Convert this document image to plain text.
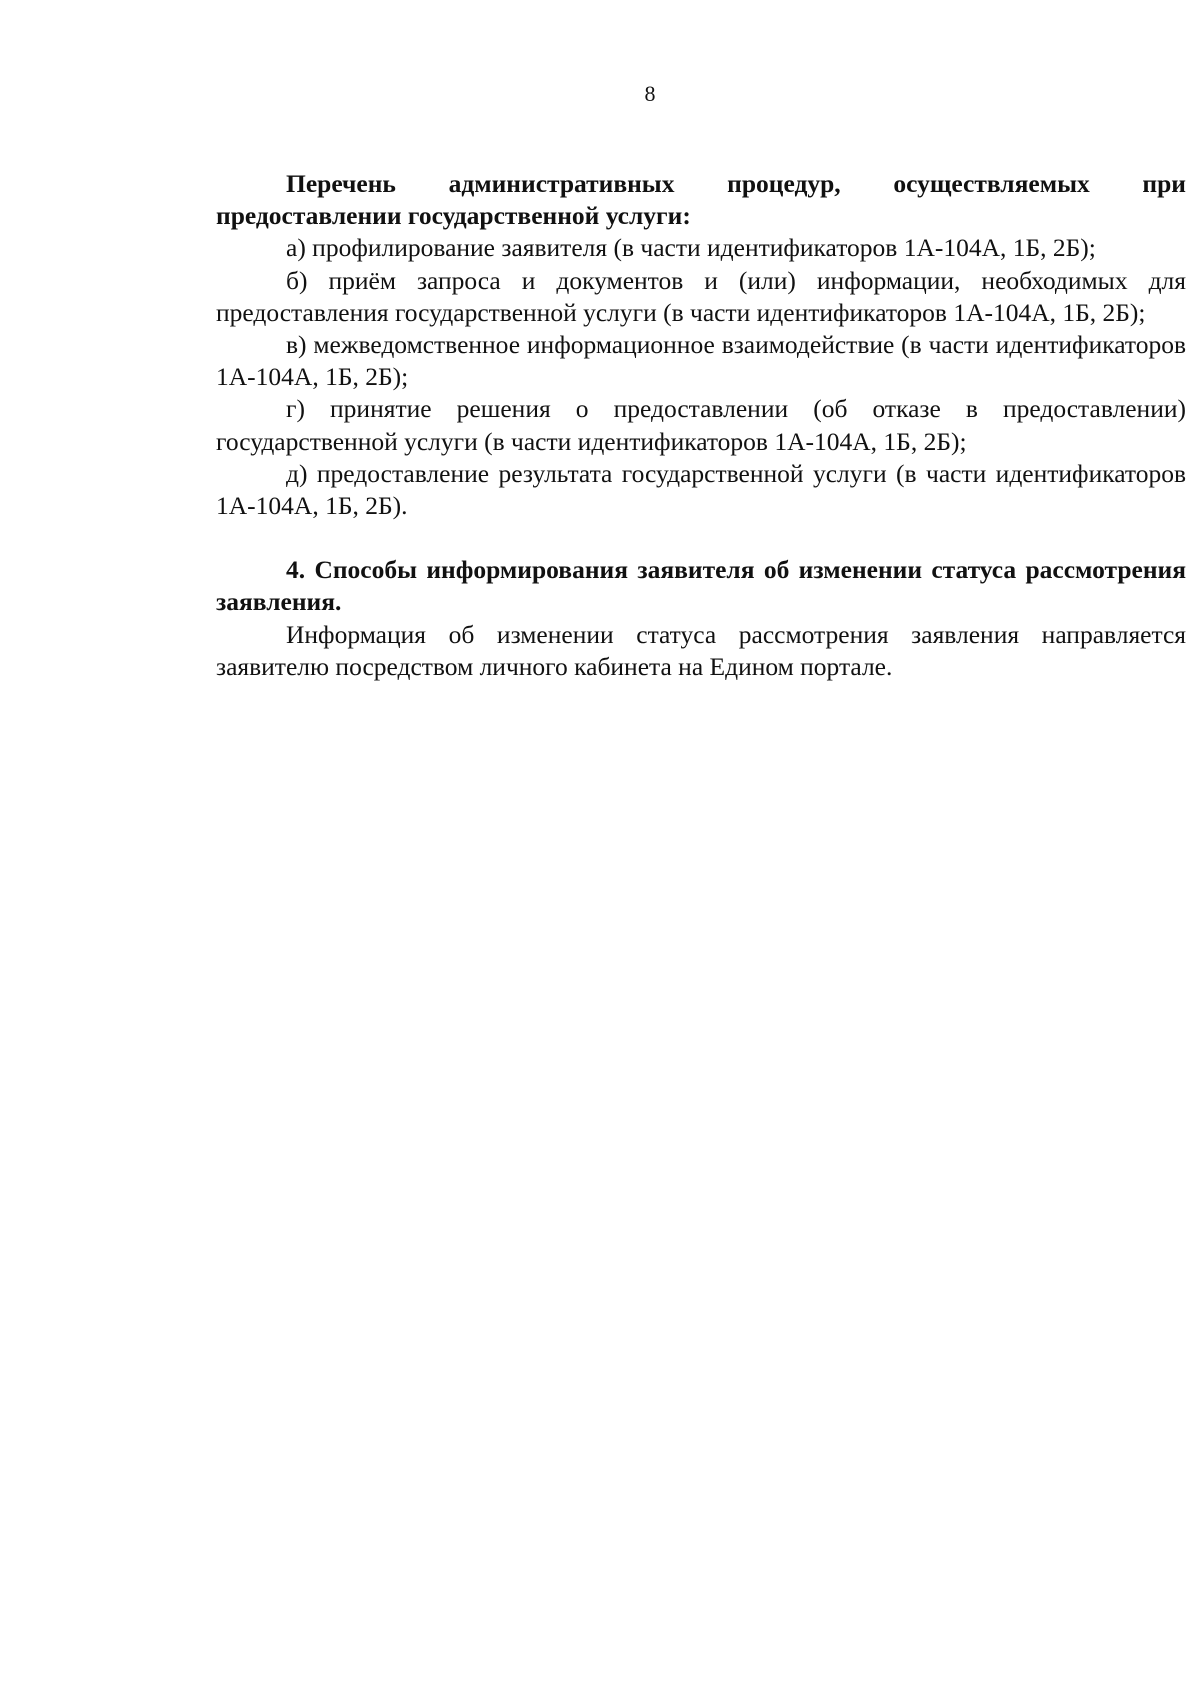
8

Перечень административных процедур, осуществляемых при предоставлении государственной услуги:

а) профилирование заявителя (в части идентификаторов 1А-104А, 1Б, 2Б);

б) приём запроса и документов и (или) информации, необходимых для предоставления государственной услуги (в части идентификаторов 1А-104А, 1Б, 2Б);

в) межведомственное информационное взаимодействие (в части идентификаторов 1А-104А, 1Б, 2Б);

г) принятие решения о предоставлении (об отказе в предоставлении) государственной услуги (в части идентификаторов 1А-104А, 1Б, 2Б);

д) предоставление результата государственной услуги (в части идентификаторов 1А-104А, 1Б, 2Б).

4. Способы информирования заявителя об изменении статуса рассмотрения заявления.

Информация об изменении статуса рассмотрения заявления направляется заявителю посредством личного кабинета на Едином портале.
